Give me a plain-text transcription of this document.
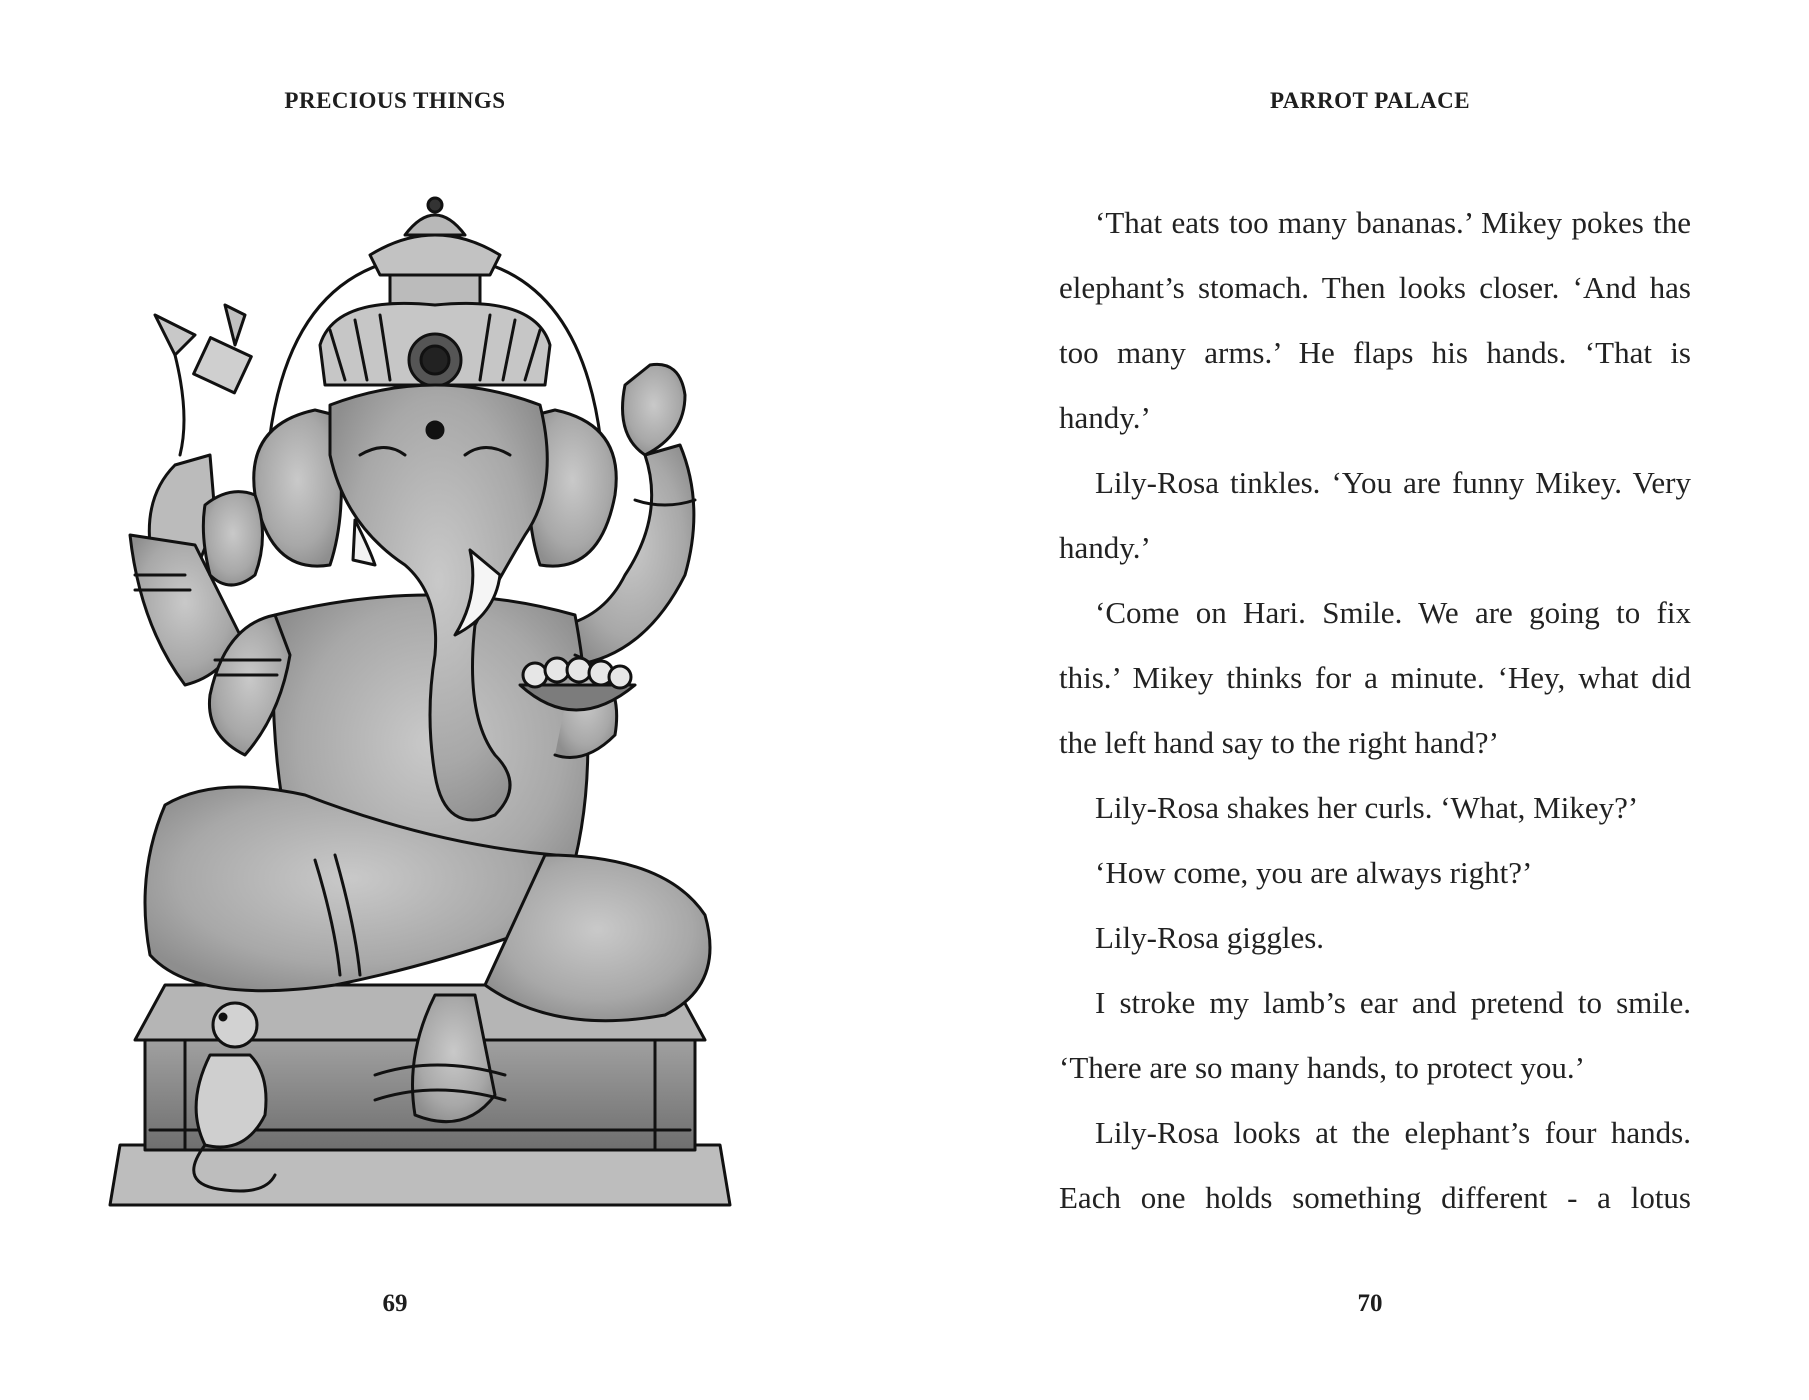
PRECIOUS THINGS
69
PARROT PALACE

‘That eats too many bananas.’ Mikey pokes the elephant’s stomach. Then looks closer. ‘And has too many arms.’ He flaps his hands. ‘That is handy.’

Lily-Rosa tinkles. ‘You are funny Mikey. Very handy.’

‘Come on Hari. Smile. We are going to fix this.’ Mikey thinks for a minute. ‘Hey, what did the left hand say to the right hand?’

Lily-Rosa shakes her curls. ‘What, Mikey?’

‘How come, you are always right?’

Lily-Rosa giggles.

I stroke my lamb’s ear and pretend to smile. ‘There are so many hands, to protect you.’

Lily-Rosa looks at the elephant’s four hands. Each one holds something different - a lotus

70
